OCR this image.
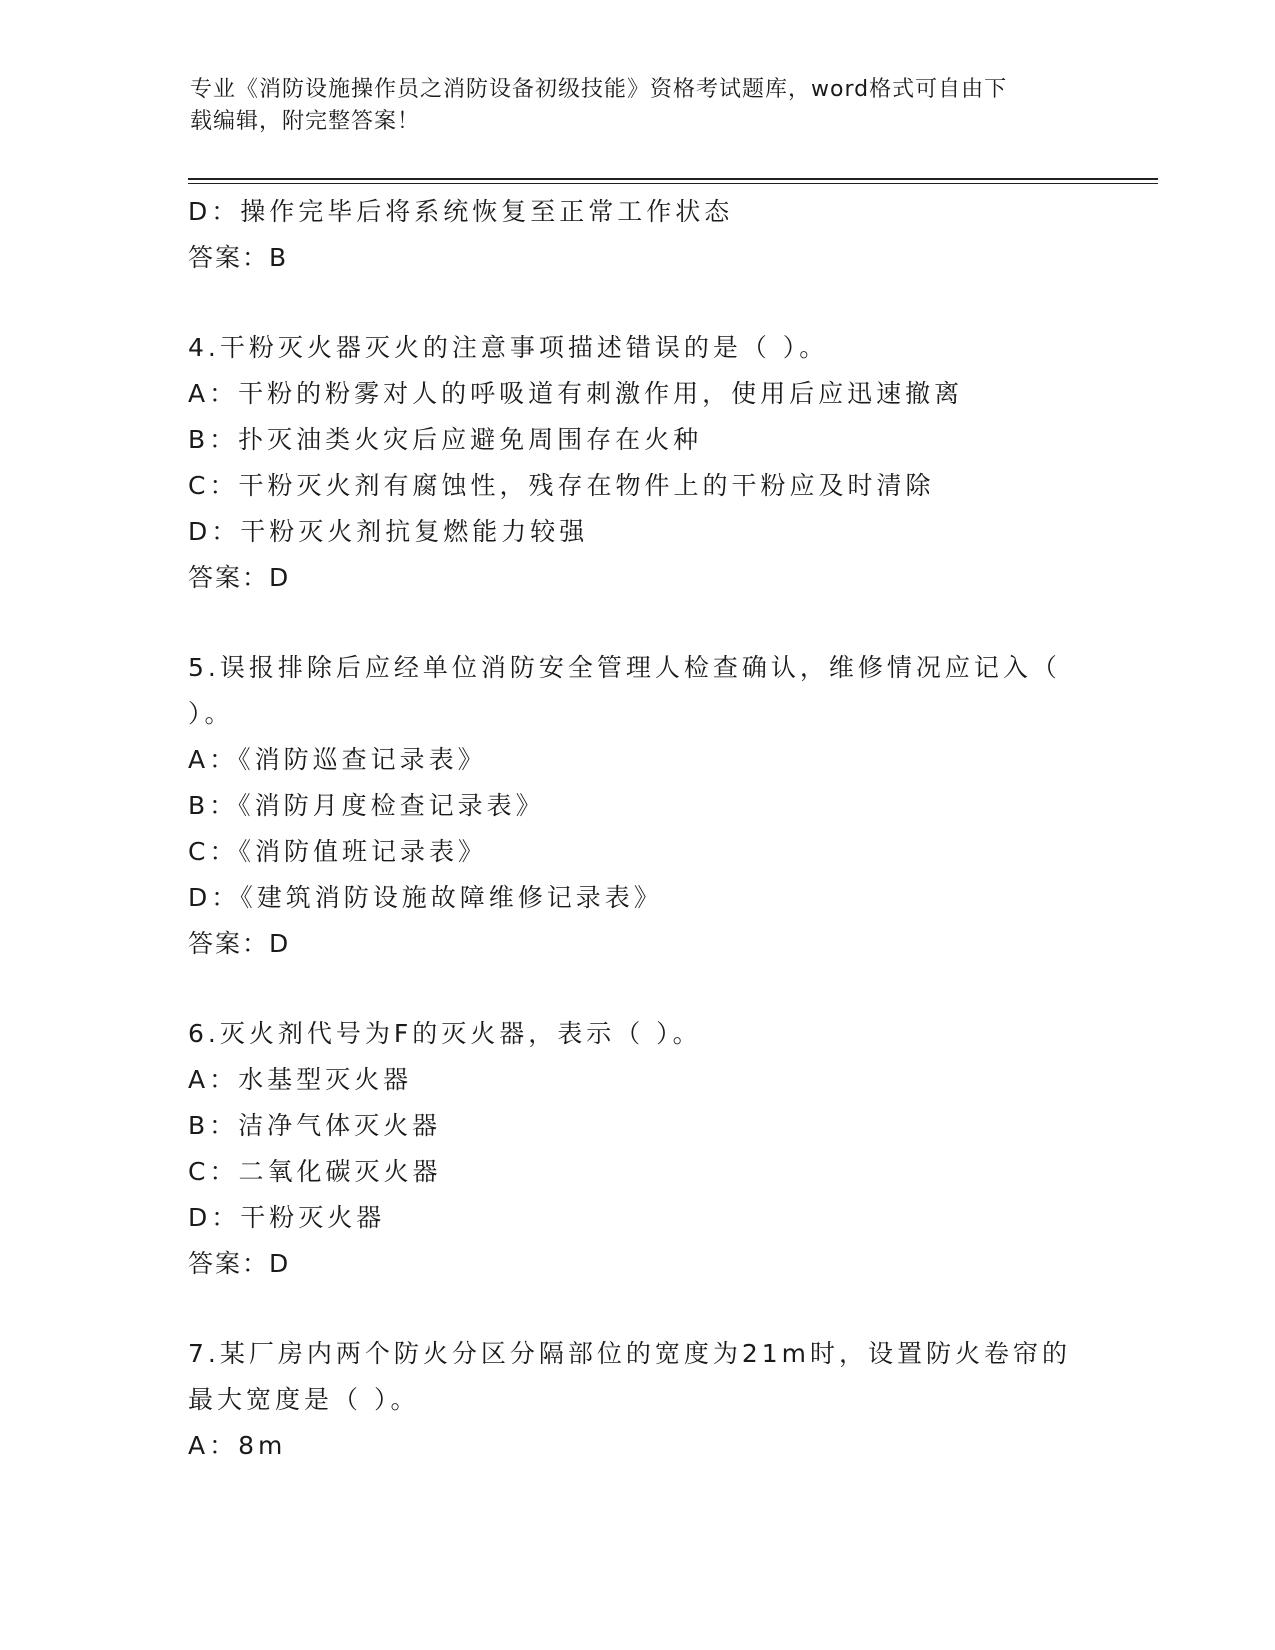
专业《消防设施操作员之消防设备初级技能》资格考试题库，word格式可自由下
载编辑，附完整答案！

D：操作完毕后将系统恢复至正常工作状态

答案：B

4.干粉灭火器灭火的注意事项描述错误的是（ ）。

A：干粉的粉雾对人的呼吸道有刺激作用，使用后应迅速撤离

B：扑灭油类火灾后应避免周围存在火种

C：干粉灭火剂有腐蚀性，残存在物件上的干粉应及时清除

D：干粉灭火剂抗复燃能力较强

答案：D

5.误报排除后应经单位消防安全管理人检查确认，维修情况应记入（

）。

A：《消防巡查记录表》

B：《消防月度检查记录表》

C：《消防值班记录表》

D：《建筑消防设施故障维修记录表》

答案：D

6.灭火剂代号为F的灭火器，表示（ ）。

A：水基型灭火器

B：洁净气体灭火器

C：二氧化碳灭火器

D：干粉灭火器

答案：D

7.某厂房内两个防火分区分隔部位的宽度为21m时，设置防火卷帘的

最大宽度是（ ）。

A：8m
